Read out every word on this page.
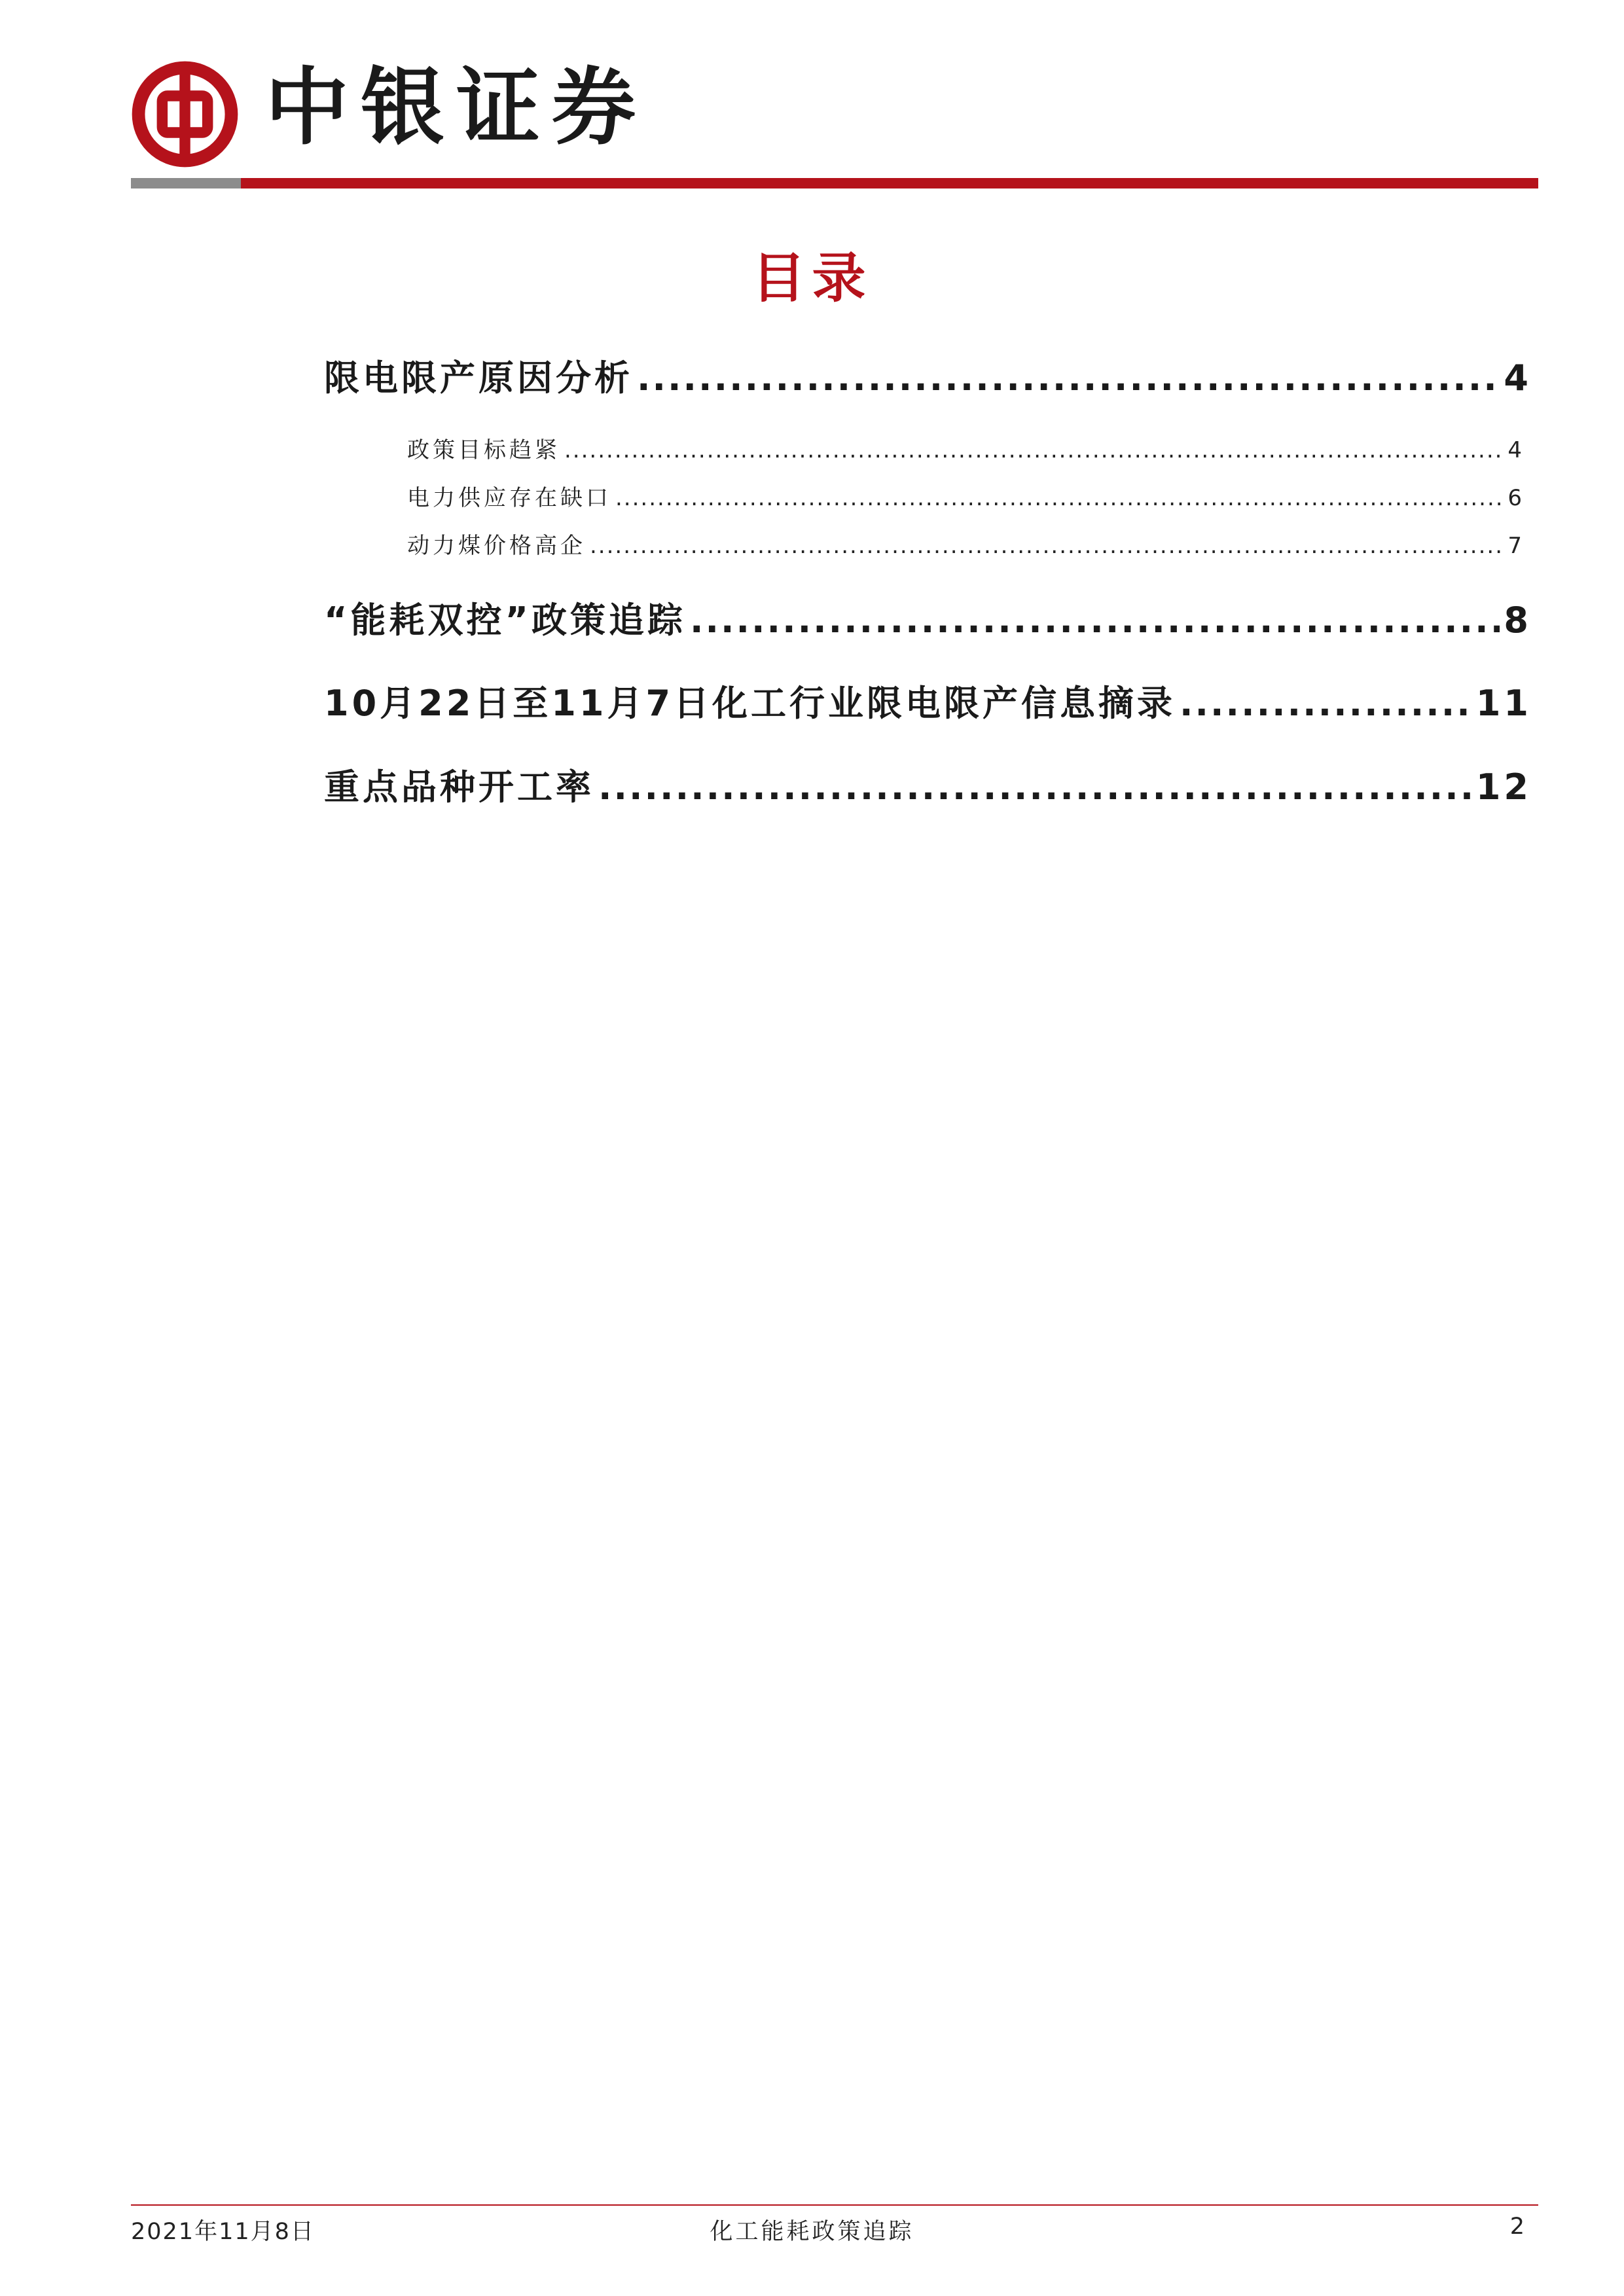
中银证券
目录
限电限产原因分析 .....	4
政策目标趋紧 .....	4
电力供应存在缺口 .....	6
动力煤价格高企 .....	7
“能耗双控”政策追踪 .....	8
10月22日至11月7日化工行业限电限产信息摘录 .....	11
重点品种开工率 .....	12
2021年11月8日	化工能耗政策追踪	2
